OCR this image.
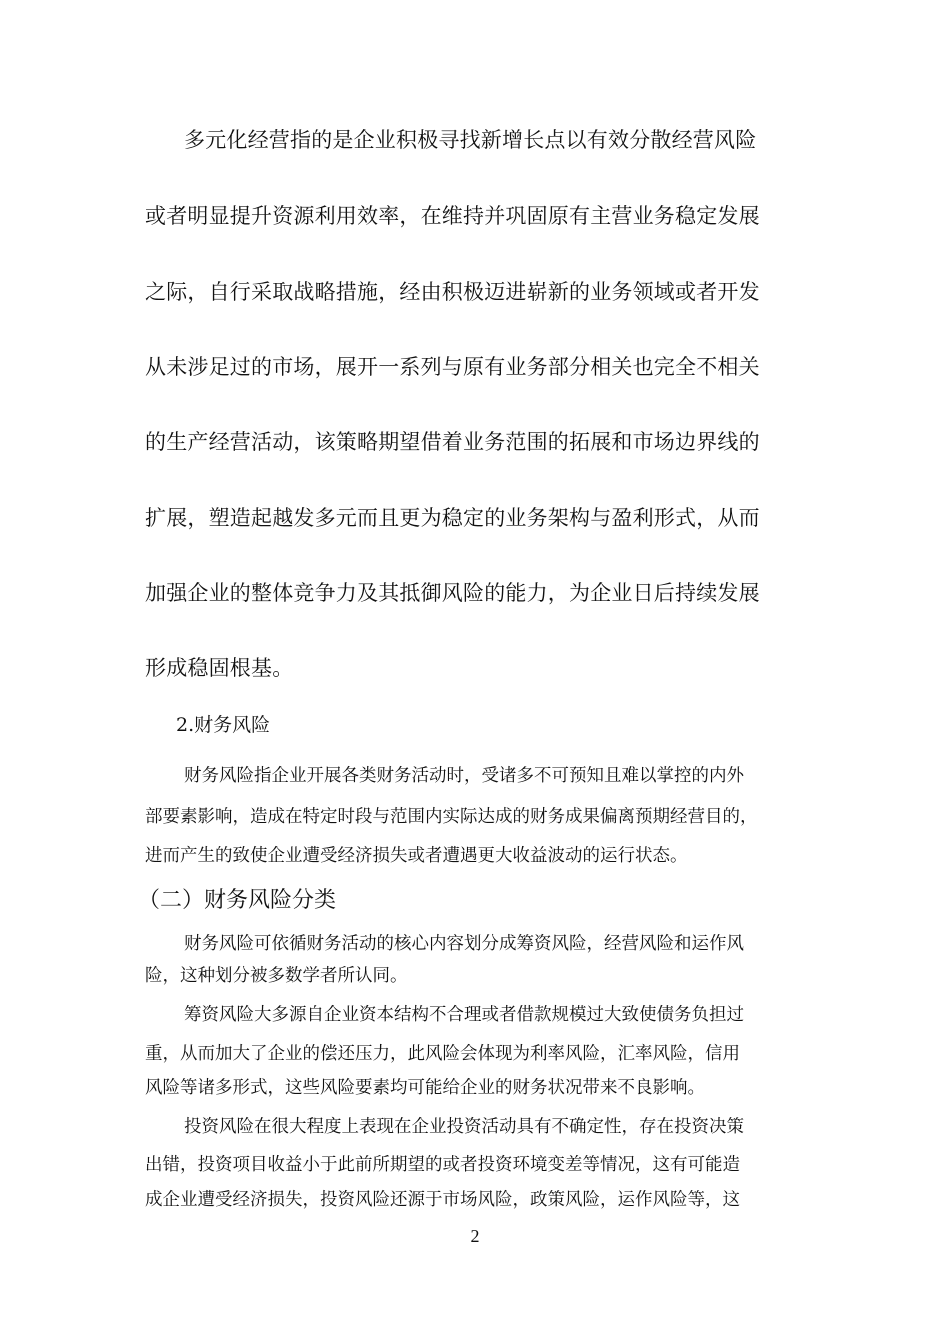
多元化经营指的是企业积极寻找新增长点以有效分散经营风险

或者明显提升资源利用效率，在维持并巩固原有主营业务稳定发展

之际，自行采取战略措施，经由积极迈进崭新的业务领域或者开发

从未涉足过的市场，展开一系列与原有业务部分相关也完全不相关

的生产经营活动，该策略期望借着业务范围的拓展和市场边界线的

扩展，塑造起越发多元而且更为稳定的业务架构与盈利形式，从而

加强企业的整体竞争力及其抵御风险的能力，为企业日后持续发展

形成稳固根基。

2.财务风险

财务风险指企业开展各类财务活动时，受诸多不可预知且难以掌控的内外

部要素影响，造成在特定时段与范围内实际达成的财务成果偏离预期经营目的，

进而产生的致使企业遭受经济损失或者遭遇更大收益波动的运行状态。

（二）财务风险分类

财务风险可依循财务活动的核心内容划分成筹资风险，经营风险和运作风

险，这种划分被多数学者所认同。

筹资风险大多源自企业资本结构不合理或者借款规模过大致使债务负担过

重，从而加大了企业的偿还压力，此风险会体现为利率风险，汇率风险，信用

风险等诸多形式，这些风险要素均可能给企业的财务状况带来不良影响。

投资风险在很大程度上表现在企业投资活动具有不确定性，存在投资决策

出错，投资项目收益小于此前所期望的或者投资环境变差等情况，这有可能造

成企业遭受经济损失，投资风险还源于市场风险，政策风险，运作风险等，这

2
